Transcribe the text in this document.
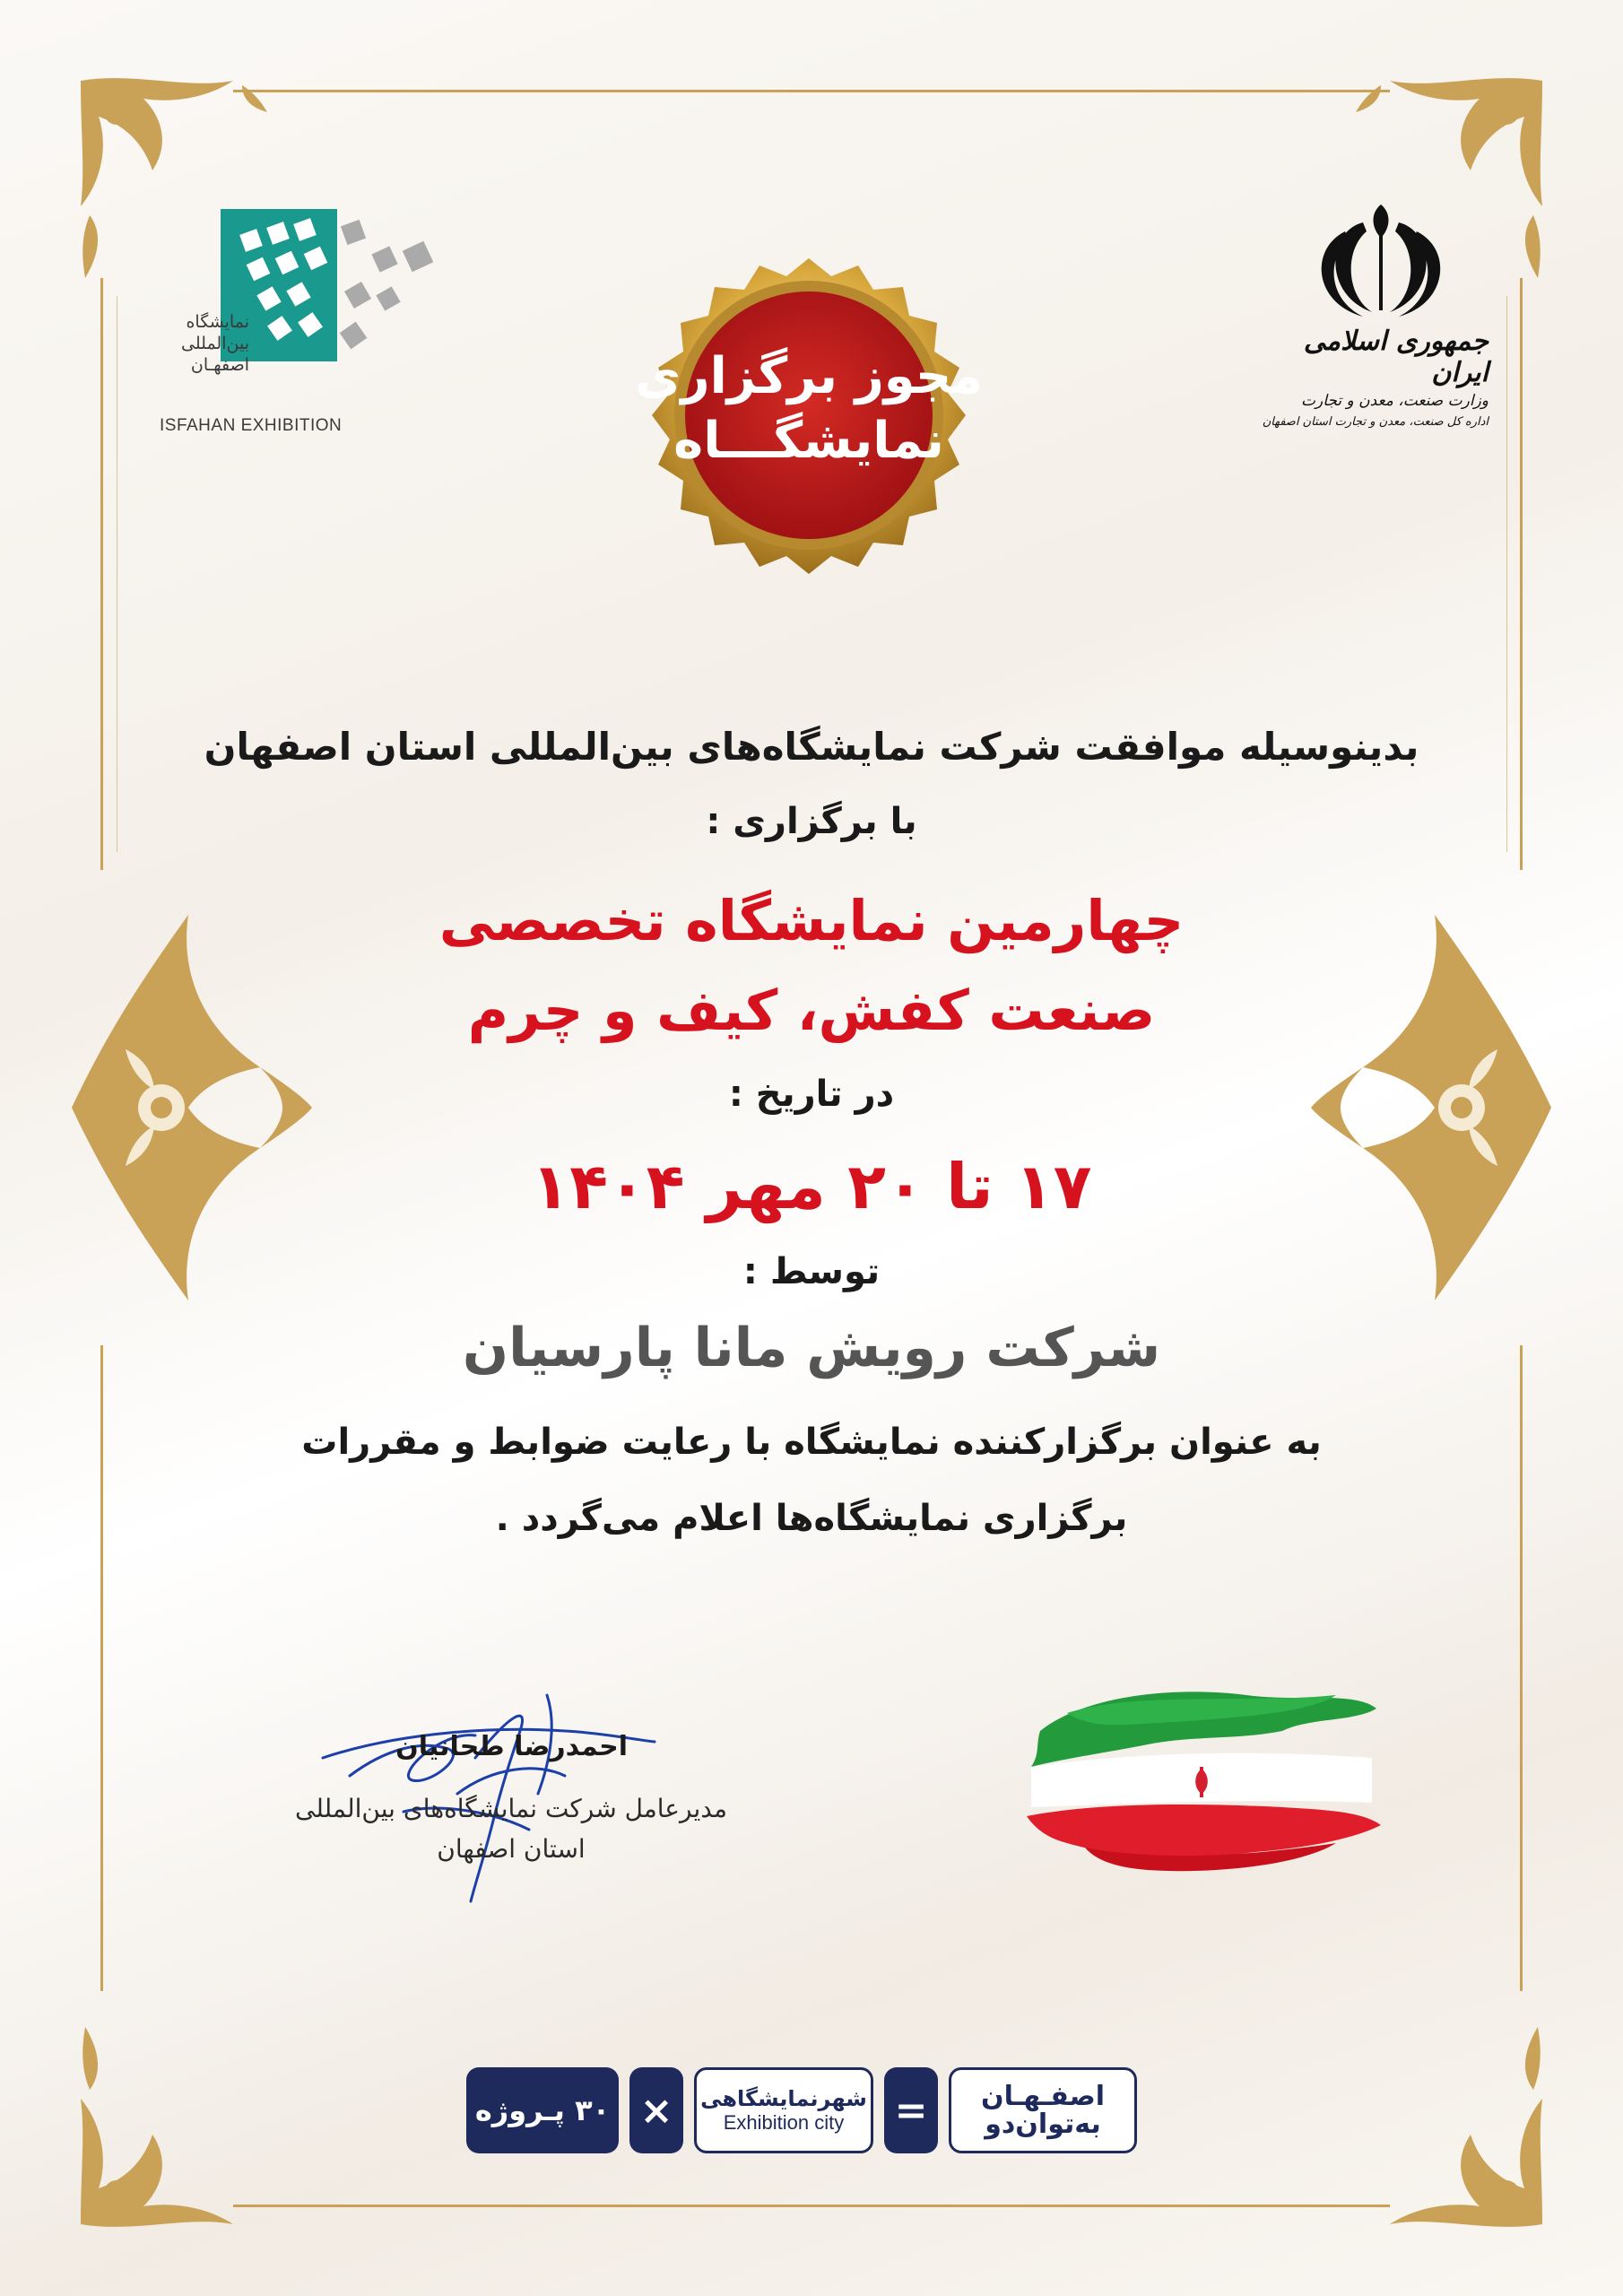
نمایشگاه
بین‌المللی
اصفهـان
ISFAHAN EXHIBITION
مجوز برگزاری
نمایشگـــاه
جمهوری اسلامی ایران
وزارت صنعت، معدن و تجارت
اداره کل صنعت، معدن و تجارت استان اصفهان
بدینوسیله موافقت شرکت نمایشگاه‌های بین‌المللی استان اصفهان
با برگزاری :
چهارمین نمایشگاه تخصصی
صنعت کفش، کیف و چرم
در تاریخ :
۱۷ تا ۲۰ مهر ۱۴۰۴
توسط :
شرکت رویش مانا پارسیان
به عنوان برگزارکننده نمایشگاه با رعایت ضوابط و مقررات
برگزاری نمایشگاه‌ها اعلام می‌گردد .
احمدرضا طحانیان
مدیرعامل شرکت نمایشگاه‌های بین‌المللی
استان اصفهان
۳۰ پـروژه × شهرنمایشگاهی
Exhibition city = اصفـهـان
به‌توان‌دو
